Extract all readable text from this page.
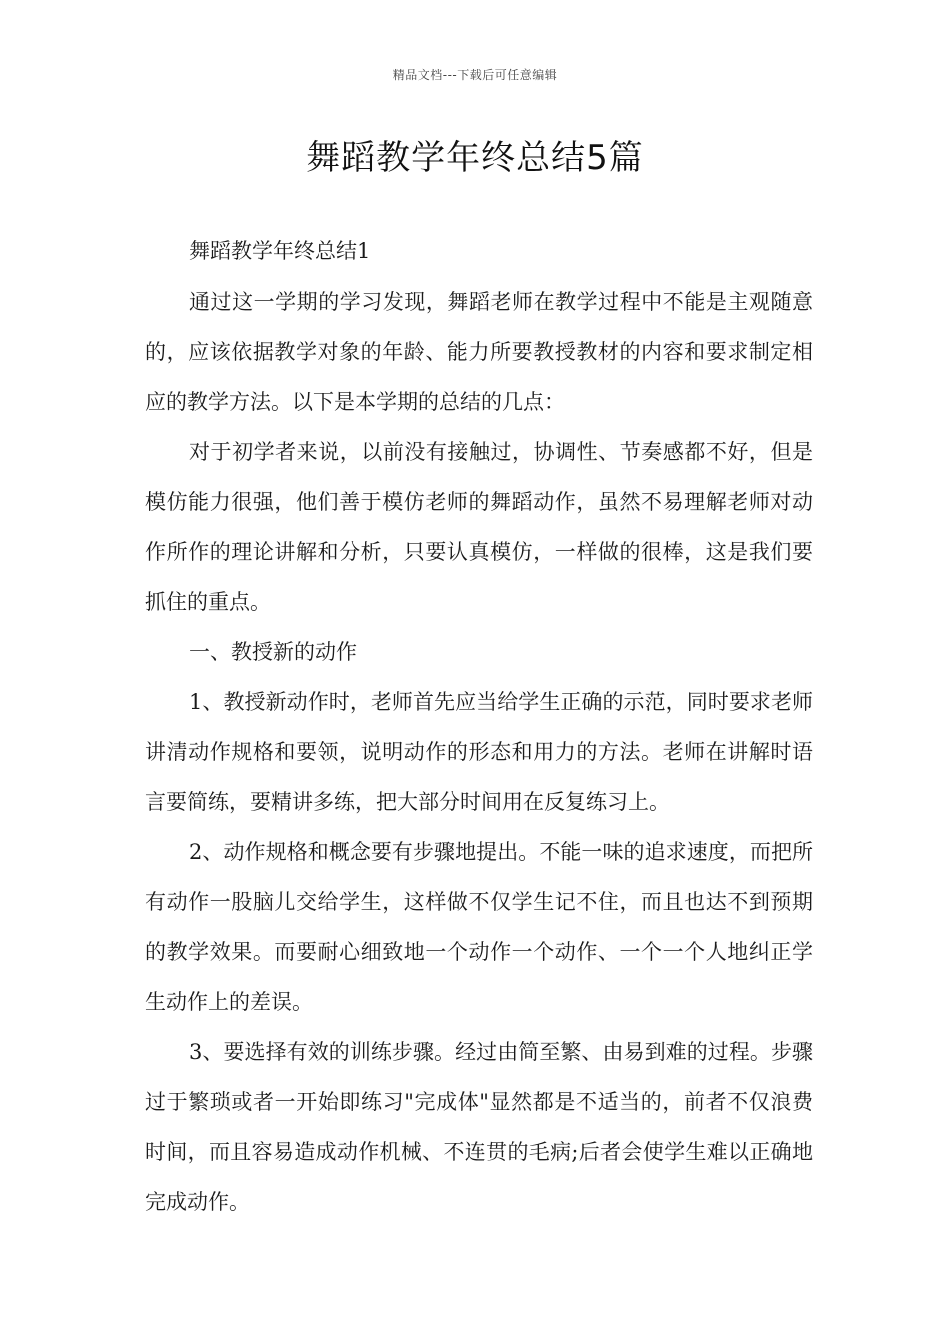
精品文档---下载后可任意编辑
舞蹈教学年终总结5篇

舞蹈教学年终总结1

通过这一学期的学习发现，舞蹈老师在教学过程中不能是主观随意的，应该依据教学对象的年龄、能力所要教授教材的内容和要求制定相应的教学方法。以下是本学期的总结的几点：

对于初学者来说，以前没有接触过，协调性、节奏感都不好，但是模仿能力很强，他们善于模仿老师的舞蹈动作，虽然不易理解老师对动作所作的理论讲解和分析，只要认真模仿，一样做的很棒，这是我们要抓住的重点。

一、教授新的动作

1、教授新动作时，老师首先应当给学生正确的示范，同时要求老师讲清动作规格和要领，说明动作的形态和用力的方法。老师在讲解时语言要简练，要精讲多练，把大部分时间用在反复练习上。

2、动作规格和概念要有步骤地提出。不能一味的追求速度，而把所有动作一股脑儿交给学生，这样做不仅学生记不住，而且也达不到预期的教学效果。而要耐心细致地一个动作一个动作、一个一个人地纠正学生动作上的差误。

3、要选择有效的训练步骤。经过由简至繁、由易到难的过程。步骤过于繁琐或者一开始即练习"完成体"显然都是不适当的，前者不仅浪费时间，而且容易造成动作机械、不连贯的毛病;后者会使学生难以正确地完成动作。
